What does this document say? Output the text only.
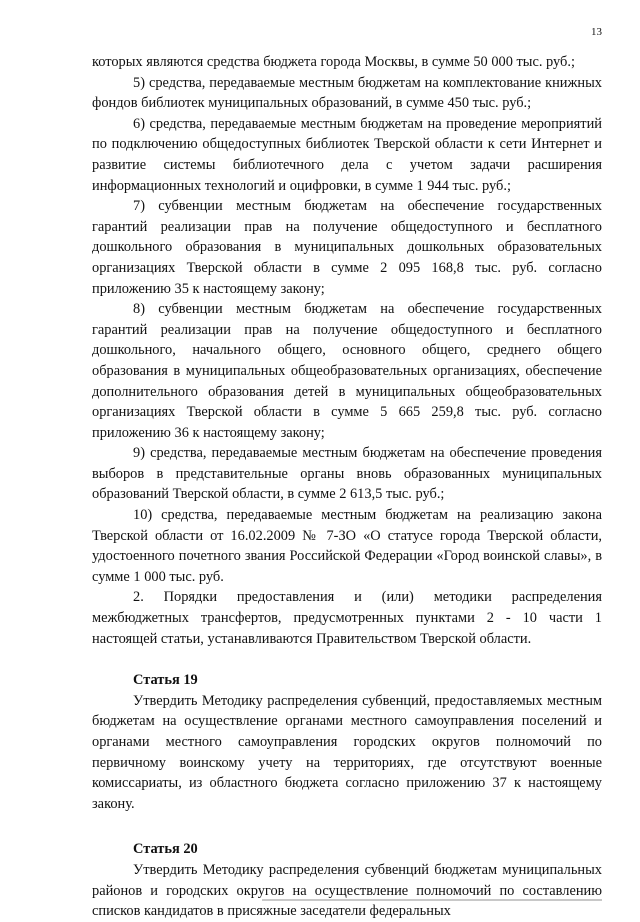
13

которых являются средства бюджета города Москвы, в сумме 50 000 тыс. руб.;

5) средства, передаваемые местным бюджетам на комплектование книжных фондов библиотек муниципальных образований, в сумме 450 тыс. руб.;

6) средства, передаваемые местным бюджетам на проведение мероприятий по подключению общедоступных библиотек Тверской области к сети Интернет и развитие системы библиотечного дела с учетом задачи расширения информационных технологий и оцифровки, в сумме 1 944 тыс. руб.;

7) субвенции местным бюджетам на обеспечение государственных гарантий реализации прав на получение общедоступного и бесплатного дошкольного образования в муниципальных дошкольных образовательных организациях Тверской области в сумме 2 095 168,8 тыс. руб. согласно приложению 35 к настоящему закону;

8) субвенции местным бюджетам на обеспечение государственных гарантий реализации прав на получение общедоступного и бесплатного дошкольного, начального общего, основного общего, среднего общего образования в муниципальных общеобразовательных организациях, обеспечение дополнительного образования детей в муниципальных общеобразовательных организациях Тверской области в сумме 5 665 259,8 тыс. руб. согласно приложению 36 к настоящему закону;

9) средства, передаваемые местным бюджетам на обеспечение проведения выборов в представительные органы вновь образованных муниципальных образований Тверской области, в сумме 2 613,5 тыс. руб.;

10) средства, передаваемые местным бюджетам на реализацию закона Тверской области от 16.02.2009 № 7-ЗО «О статусе города Тверской области, удостоенного почетного звания Российской Федерации «Город воинской славы», в сумме 1 000 тыс. руб.

2. Порядки предоставления и (или) методики распределения межбюджетных трансфертов, предусмотренных пунктами 2 - 10 части 1 настоящей статьи, устанавливаются Правительством Тверской области.

Статья 19

Утвердить Методику распределения субвенций, предоставляемых местным бюджетам на осуществление органами местного самоуправления поселений и органами местного самоуправления городских округов полномочий по первичному воинскому учету на территориях, где отсутствуют военные комиссариаты, из областного бюджета согласно приложению 37 к настоящему закону.

Статья 20

Утвердить Методику распределения субвенций бюджетам муниципальных районов и городских округов на осуществление полномочий по составлению списков кандидатов в присяжные заседатели федеральных
